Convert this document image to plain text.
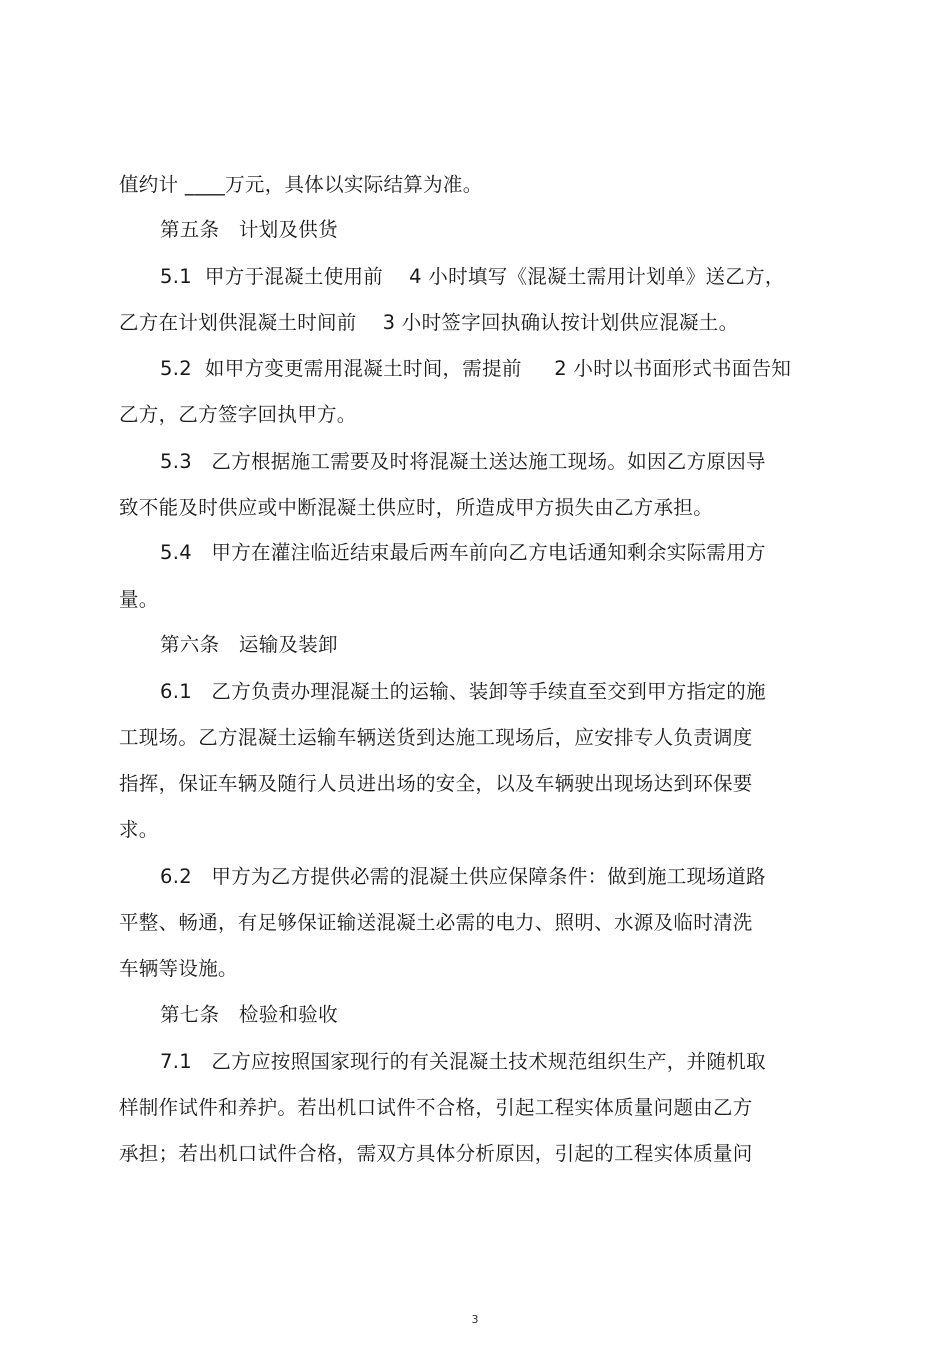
值约计 ____万元，具体以实际结算为准。
第五条   计划及供货
5.1  甲方于混凝土使用前    4 小时填写《混凝土需用计划单》送乙方，
乙方在计划供混凝土时间前    3 小时签字回执确认按计划供应混凝土。
5.2  如甲方变更需用混凝土时间，需提前     2 小时以书面形式书面告知
乙方，乙方签字回执甲方。
5.3   乙方根据施工需要及时将混凝土送达施工现场。如因乙方原因导
致不能及时供应或中断混凝土供应时，所造成甲方损失由乙方承担。
5.4   甲方在灌注临近结束最后两车前向乙方电话通知剩余实际需用方
量。
第六条   运输及装卸
6.1   乙方负责办理混凝土的运输、装卸等手续直至交到甲方指定的施
工现场。乙方混凝土运输车辆送货到达施工现场后，应安排专人负责调度
指挥，保证车辆及随行人员进出场的安全，以及车辆驶出现场达到环保要
求。
6.2   甲方为乙方提供必需的混凝土供应保障条件：做到施工现场道路
平整、畅通，有足够保证输送混凝土必需的电力、照明、水源及临时清洗
车辆等设施。
第七条   检验和验收
7.1   乙方应按照国家现行的有关混凝土技术规范组织生产，并随机取
样制作试件和养护。若出机口试件不合格，引起工程实体质量问题由乙方
承担；若出机口试件合格，需双方具体分析原因，引起的工程实体质量问
3
